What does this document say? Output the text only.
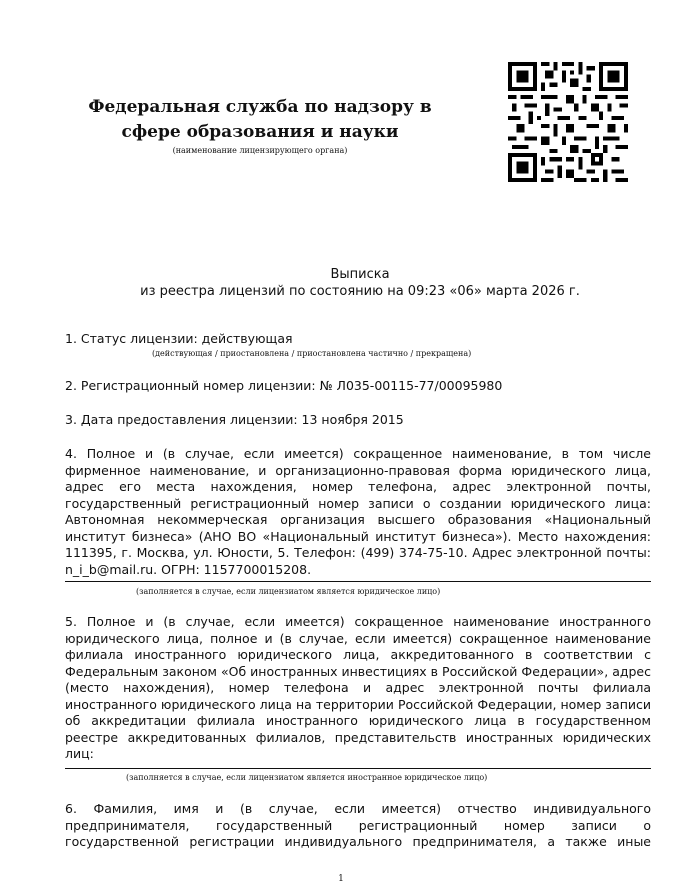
Федеральная служба по надзору в
сфере образования и науки
(наименование лицензирующего органа)
Выписка
из реестра лицензий по состоянию на 09:23 «06» марта 2026 г.
1. Статус лицензии: действующая
(действующая / приостановлена / приостановлена частично / прекращена)
2. Регистрационный номер лицензии: № Л035-00115-77/00095980
3. Дата предоставления лицензии: 13 ноября 2015
4. Полное и (в случае, если имеется) сокращенное наименование, в том числе
фирменное наименование, и организационно-правовая форма юридического лица,
адрес его места нахождения, номер телефона, адрес электронной почты,
государственный регистрационный номер записи о создании юридического лица:
Автономная некоммерческая организация высшего образования «Национальный
институт бизнеса» (АНО ВО «Национальный институт бизнеса»). Место нахождения:
111395, г. Москва, ул. Юности, 5. Телефон: (499) 374-75-10. Адрес электронной почты:
n_i_b@mail.ru. ОГРН: 1157700015208.
(заполняется в случае, если лицензиатом является юридическое лицо)
5. Полное и (в случае, если имеется) сокращенное наименование иностранного
юридического лица, полное и (в случае, если имеется) сокращенное наименование
филиала иностранного юридического лица, аккредитованного в соответствии с
Федеральным законом «Об иностранных инвестициях в Российской Федерации», адрес
(место нахождения), номер телефона и адрес электронной почты филиала
иностранного юридического лица на территории Российской Федерации, номер записи
об аккредитации филиала иностранного юридического лица в государственном
реестре аккредитованных филиалов, представительств иностранных юридических лиц:
(заполняется в случае, если лицензиатом является иностранное юридическое лицо)
6. Фамилия, имя и (в случае, если имеется) отчество индивидуального
предпринимателя, государственный регистрационный номер записи о
государственной регистрации индивидуального предпринимателя, а также иные
1
